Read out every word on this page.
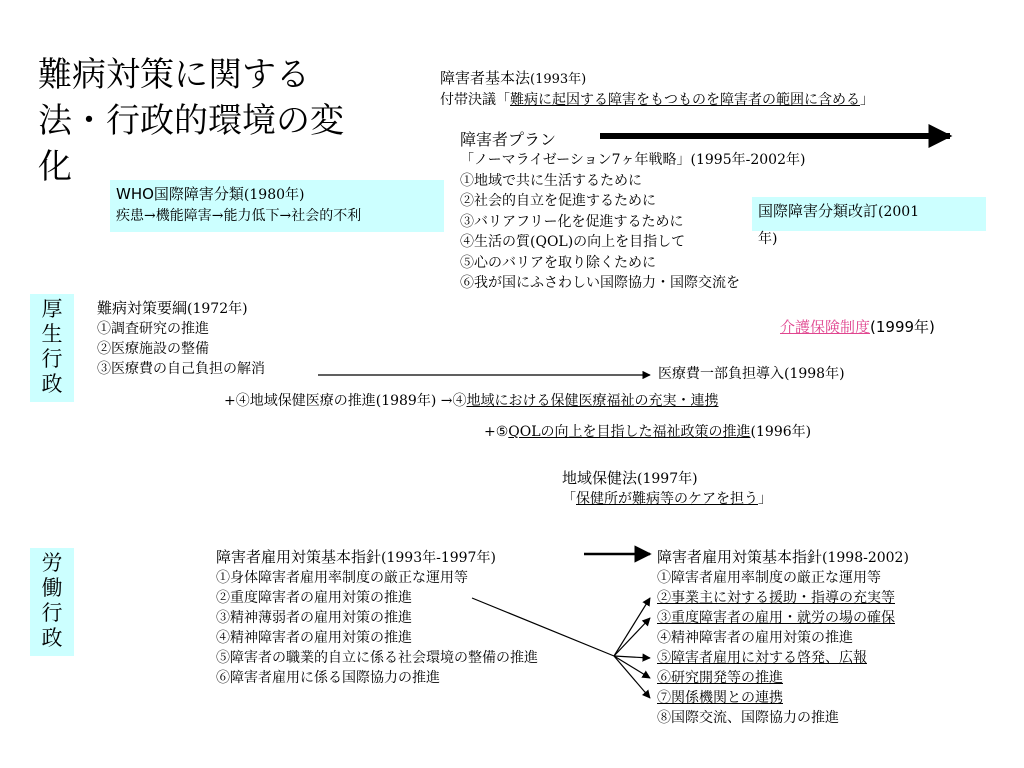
難病対策に関する
法・行政的環境の変
化
障害者基本法(1993年)
付帯決議「難病に起因する障害をもつものを障害者の範囲に含める」
障害者プラン
「ノーマライゼーション7ヶ年戦略」(1995年-2002年)
①地域で共に生活するために
②社会的自立を促進するために
③バリアフリー化を促進するために
④生活の質(QOL)の向上を目指して
⑤心のバリアを取り除くために
⑥我が国にふさわしい国際協力・国際交流を
WHO国際障害分類(1980年)
疾患→機能障害→能力低下→社会的不利	国際障害分類改訂(2001
年)
厚
生
行
政
難病対策要綱(1972年)
①調査研究の推進
②医療施設の整備
③医療費の自己負担の解消
介護保険制度(1999年)
医療費一部負担導入(1998年)
+④地域保健医療の推進(1989年) →④地域における保健医療福祉の充実・連携
+⑤QOLの向上を目指した福祉政策の推進(1996年)
地域保健法(1997年)
「保健所が難病等のケアを担う」
労
働
行
政
障害者雇用対策基本指針(1993年-1997年)
①身体障害者雇用率制度の厳正な運用等
②重度障害者の雇用対策の推進
③精神薄弱者の雇用対策の推進
④精神障害者の雇用対策の推進
⑤障害者の職業的自立に係る社会環境の整備の推進
⑥障害者雇用に係る国際協力の推進
障害者雇用対策基本指針(1998-2002)
①障害者雇用率制度の厳正な運用等
②事業主に対する援助・指導の充実等
③重度障害者の雇用・就労の場の確保
④精神障害者の雇用対策の推進
⑤障害者雇用に対する啓発、広報
⑥研究開発等の推進
⑦関係機関との連携
⑧国際交流、国際協力の推進
